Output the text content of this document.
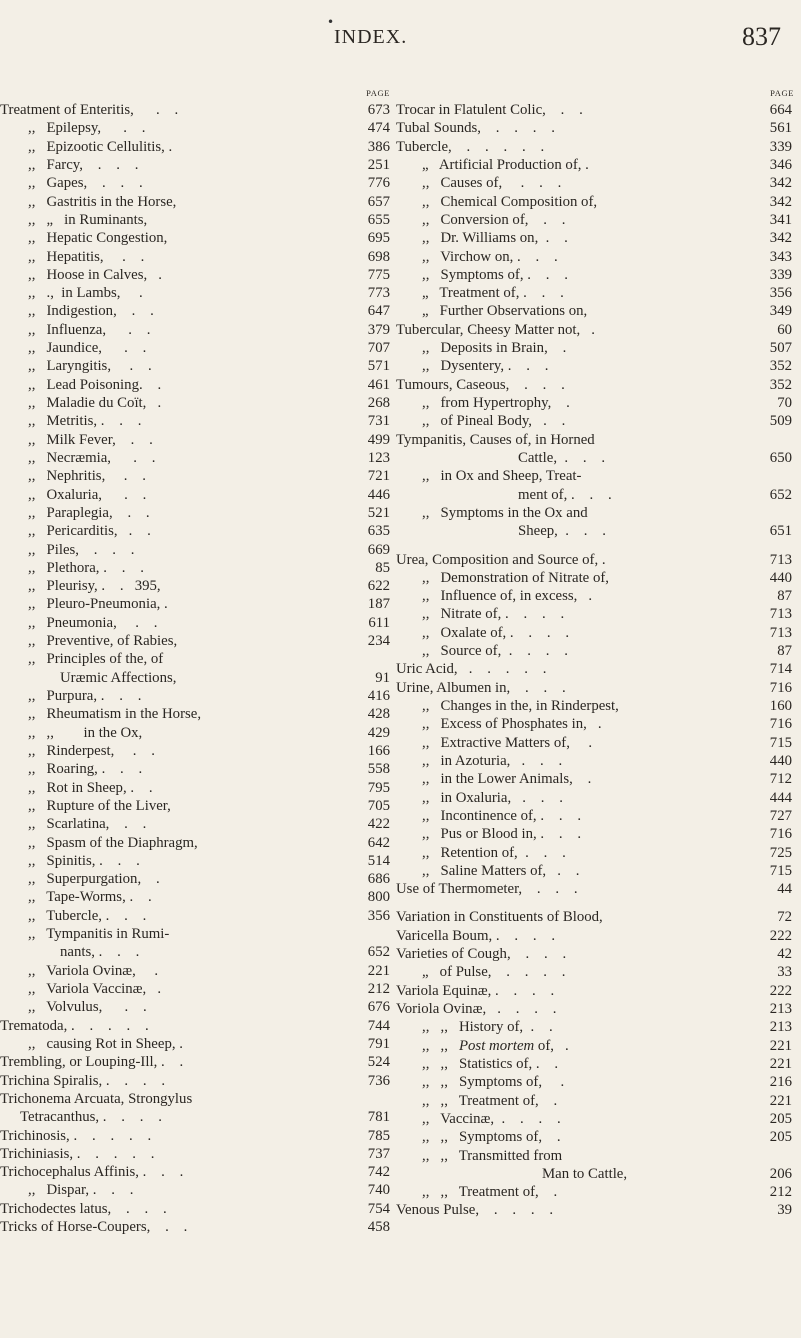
•
INDEX.	837
PAGE
Treatment of Enteritis,      .    .	673
,,   Epilepsy,      .    .	474
,,   Epizootic Cellulitis, .	386
,,   Farcy,    .    .    .	251
,,   Gapes,    .    .    .	776
,,   Gastritis in the Horse,	657
,,   „   in Ruminants,	655
,,   Hepatic Congestion,	695
,,   Hepatitis,     .    .	698
,,   Hoose in Calves,   .	775
,,   .,  in Lambs,     .	773
,,   Indigestion,    .    .	647
,,   Influenza,      .    .	379
,,   Jaundice,      .    .	707
,,   Laryngitis,     .    .	571
,,   Lead Poisoning.    .	461
,,   Maladie du Coït,   .	268
,,   Metritis, .    .    .	731
,,   Milk Fever,    .    .	499
,,   Necræmia,      .    .	123
,,   Nephritis,     .    .	721
,,   Oxaluria,      .    .	446
,,   Paraplegia,    .    .	521
,,   Pericarditis,   .    .	635
,,   Piles,    .    .    .	669
,,   Plethora, .    .    .	85
,,   Pleurisy, .    .   395,	622
,,   Pleuro-Pneumonia, .	187
,,   Pneumonia,     .    .	611
,,   Preventive, of Rabies,	234
,,   Principles of the, of
Uræmic Affections,	91
,,   Purpura, .    .    .	416
,,   Rheumatism in the Horse,	428
,,   ,,        in the Ox,	429
,,   Rinderpest,     .    .	166
,,   Roaring, .    .    .	558
,,   Rot in Sheep, .    .	795
,,   Rupture of the Liver,	705
,,   Scarlatina,    .    .	422
,,   Spasm of the Diaphragm,	642
,,   Spinitis, .    .    .	514
,,   Superpurgation,    .	686
,,   Tape-Worms, .    .	800
,,   Tubercle, .    .    .	356
,,   Tympanitis in Rumi-
nants, .    .    .	652
,,   Variola Ovinæ,     .	221
,,   Variola Vaccinæ,   .	212
,,   Volvulus,      .    .	676
Trematoda, .    .    .    .    .	744
,,   causing Rot in Sheep, .	791
Trembling, or Louping-Ill, .    .	524
Trichina Spiralis, .    .    .    .	736
Trichonema Arcuata, Strongylus
Tetracanthus, .    .    .    .	781
Trichinosis, .    .    .    .    .	785
Trichiniasis, .    .    .    .    .	737
Trichocephalus Affinis, .    .    .	742
,,   Dispar, .    .    .	740
Trichodectes latus,    .    .    .	754
Tricks of Horse-Coupers,    .    .	458
PAGE
Trocar in Flatulent Colic,    .    .	664
Tubal Sounds,    .    .    .    .	561
Tubercle,    .    .    .    .    .	339
„   Artificial Production of, .	346
,,   Causes of,     .    .    .	342
,,   Chemical Composition of,	342
,,   Conversion of,    .    .	341
,,   Dr. Williams on,  .    .	342
,,   Virchow on, .    .    .	343
,,   Symptoms of, .    .    .	339
„   Treatment of, .    .    .	356
„   Further Observations on,	349
Tubercular, Cheesy Matter not,   .	60
,,   Deposits in Brain,    .	507
,,   Dysentery, .    .    .	352
Tumours, Caseous,    .    .    .	352
,,   from Hypertrophy,    .	70
,,   of Pineal Body,   .    .	509
Tympanitis, Causes of, in Horned
Cattle,  .    .    .	650
,,   in Ox and Sheep, Treat-
ment of, .    .    .	652
,,   Symptoms in the Ox and
Sheep,  .    .    .	651
Urea, Composition and Source of, .	713
,,   Demonstration of Nitrate of,	440
,,   Influence of, in excess,   .	87
,,   Nitrate of, .    .    .    .	713
,,   Oxalate of, .    .    .    .	713
,,   Source of,  .    .    .    .	87
Uric Acid,   .    .    .    .    .	714
Urine, Albumen in,    .    .    .	716
,,   Changes in the, in Rinderpest,	160
,,   Excess of Phosphates in,   .	716
,,   Extractive Matters of,     .	715
,,   in Azoturia,   .    .    .	440
,,   in the Lower Animals,    .	712
,,   in Oxaluria,   .    .    .	444
,,   Incontinence of, .    .    .	727
,,   Pus or Blood in, .    .    .	716
,,   Retention of,  .    .    .	725
,,   Saline Matters of,   .    .	715
Use of Thermometer,    .    .    .	44
Variation in Constituents of Blood,	72
Varicella Boum, .    .    .    .	222
Varieties of Cough,    .    .    .	42
„   of Pulse,    .    .    .    .	33
Variola Equinæ, .    .    .    .	222
Voriola Ovinæ,   .    .    .    .	213
,,   ,,   History of,  .    .	213
,,   ,,   Post mortem of,   .	221
,,   ,,   Statistics of, .    .	221
,,   ,,   Symptoms of,     .	216
,,   ,,   Treatment of,    .	221
,,   Vaccinæ,  .    .    .    .	205
,,   ,,   Symptoms of,    .	205
,,   ,,   Transmitted from
Man to Cattle,	206
,,   ,,   Treatment of,    .	212
Venous Pulse,    .    .    .    .	39
